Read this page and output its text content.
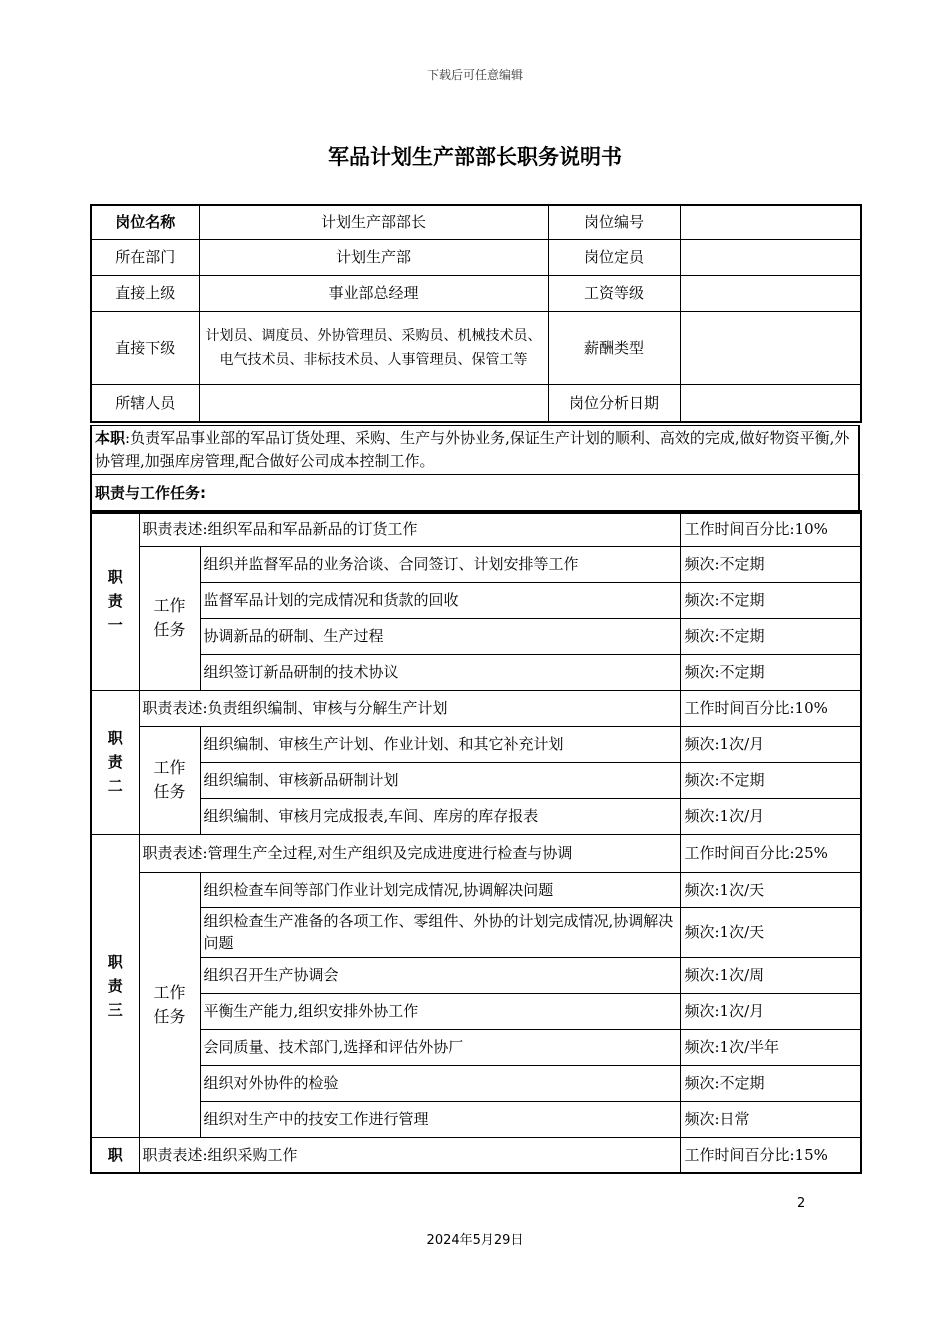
下载后可任意编辑
军品计划生产部部长职务说明书
岗位名称	计划生产部部长	岗位编号	
所在部门	计划生产部	岗位定员	
直接上级	事业部总经理	工资等级	
直接下级	计划员、调度员、外协管理员、采购员、机械技术员、电气技术员、非标技术员、人事管理员、保管工等	薪酬类型	
所辖人员		岗位分析日期	
本职:负责军品事业部的军品订货处理、采购、生产与外协业务,保证生产计划的顺利、高效的完成,做好物资平衡,外协管理,加强库房管理,配合做好公司成本控制工作。
职责与工作任务:
职责一	职责表述:组织军品和军品新品的订货工作		工作时间百分比:10%

	工作任务	组织并监督军品的业务洽谈、合同签订、计划安排等工作	频次:不定期
		监督军品计划的完成情况和货款的回收	频次:不定期
		协调新品的研制、生产过程	频次:不定期
		组织签订新品研制的技术协议	频次:不定期

职责二	职责表述:负责组织编制、审核与分解生产计划		工作时间百分比:10%

	工作任务	组织编制、审核生产计划、作业计划、和其它补充计划	频次:1次/月
		组织编制、审核新品研制计划	频次:不定期
		组织编制、审核月完成报表,车间、库房的库存报表	频次:1次/月

职责三	职责表述:管理生产全过程,对生产组织及完成进度进行检查与协调		工作时间百分比:25%

	工作任务	组织检查车间等部门作业计划完成情况,协调解决问题	频次:1次/天
		组织检查生产准备的各项工作、零组件、外协的计划完成情况,协调解决问题	频次:1次/天
		组织召开生产协调会	频次:1次/周
		平衡生产能力,组织安排外协工作	频次:1次/月
		会同质量、技术部门,选择和评估外协厂	频次:1次/半年
		组织对外协件的检验	频次:不定期
		组织对生产中的技安工作进行管理	频次:日常
职	职责表述:组织采购工作		工作时间百分比:15%
2
2024年5月29日
